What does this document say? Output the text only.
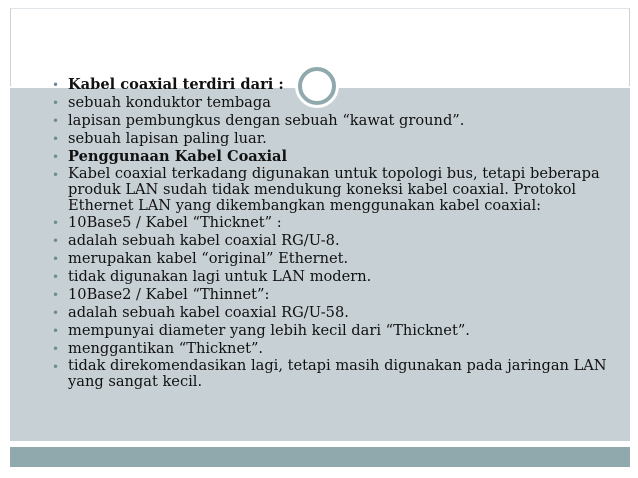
• Kabel coaxial terdiri dari :
• sebuah konduktor tembaga
• lapisan pembungkus dengan sebuah “kawat ground”.
• sebuah lapisan paling luar.
• Penggunaan Kabel Coaxial
• Kabel coaxial terkadang digunakan untuk topologi bus, tetapi beberapa produk LAN sudah tidak mendukung koneksi kabel coaxial. Protokol Ethernet LAN yang dikembangkan menggunakan kabel coaxial:
• 10Base5 / Kabel “Thicknet” :
• adalah sebuah kabel coaxial RG/U-8.
• merupakan kabel “original” Ethernet.
• tidak digunakan lagi untuk LAN modern.
• 10Base2 / Kabel “Thinnet”:
• adalah sebuah kabel coaxial RG/U-58.
• mempunyai diameter yang lebih kecil dari “Thicknet”.
• menggantikan “Thicknet”.
• tidak direkomendasikan lagi, tetapi masih digunakan pada jaringan LAN yang sangat kecil.
